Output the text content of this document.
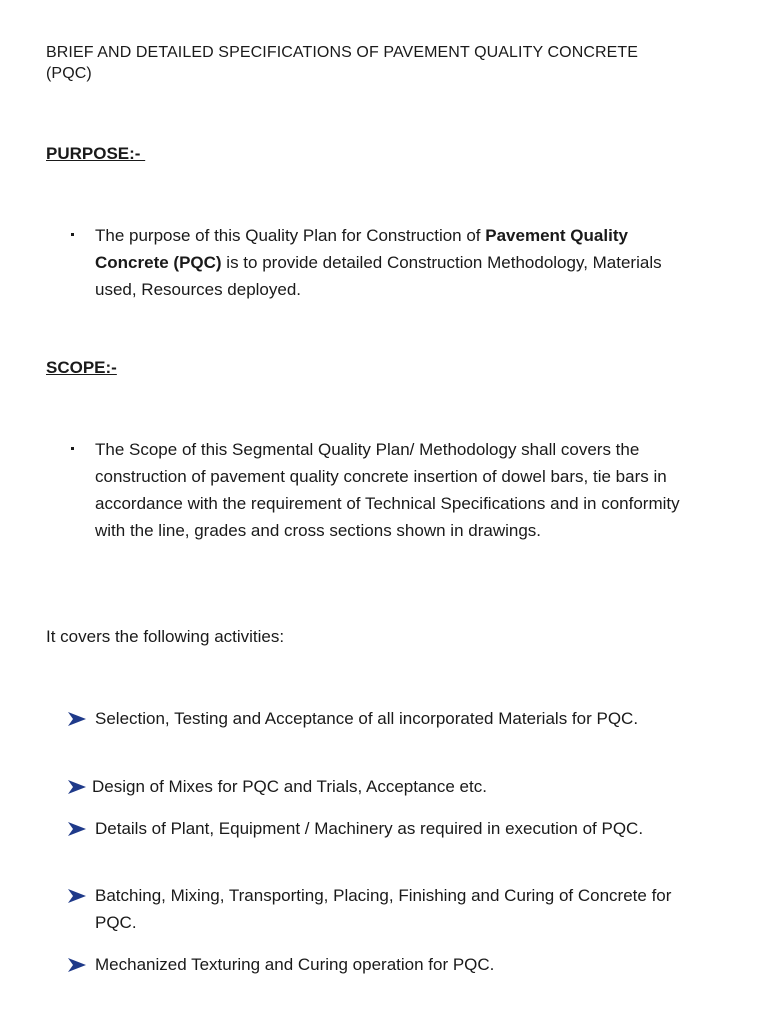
BRIEF AND DETAILED SPECIFICATIONS OF PAVEMENT QUALITY CONCRETE (PQC)

PURPOSE:-

The purpose of this Quality Plan for Construction of Pavement Quality Concrete (PQC) is to provide detailed Construction Methodology, Materials used, Resources deployed.

SCOPE:-

The Scope of this Segmental Quality Plan/ Methodology shall covers the construction of pavement quality concrete insertion of dowel bars, tie bars in accordance with the requirement of Technical Specifications and in conformity with the line, grades and cross sections shown in drawings.

It covers the following activities:

Selection, Testing and Acceptance of all incorporated Materials for PQC.

Design of Mixes for PQC and Trials, Acceptance etc.

Details of Plant, Equipment / Machinery as required in execution of PQC.

Batching, Mixing, Transporting, Placing, Finishing and Curing of Concrete for PQC.

Mechanized Texturing and Curing operation for PQC.
